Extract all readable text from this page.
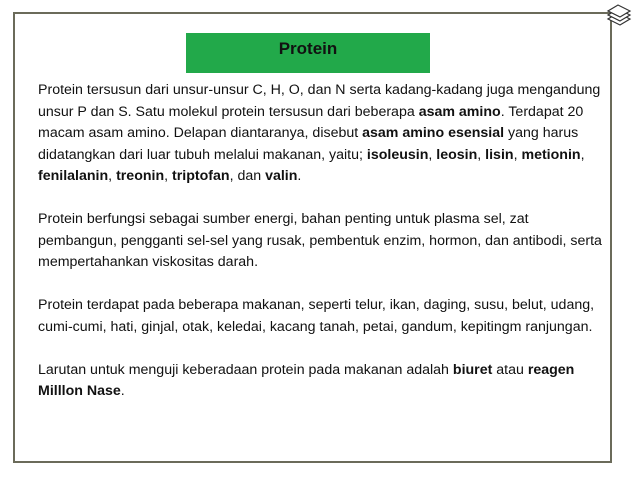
Protein

Protein tersusun dari unsur-unsur C, H, O, dan N serta kadang-kadang juga mengandung unsur P dan S. Satu molekul protein tersusun dari beberapa asam amino. Terdapat 20 macam asam amino. Delapan diantaranya, disebut asam amino esensial yang harus didatangkan dari luar tubuh melalui makanan, yaitu; isoleusin, leosin, lisin, metionin, fenilalanin, treonin, triptofan, dan valin.

Protein berfungsi sebagai sumber energi, bahan penting untuk plasma sel, zat pembangun, pengganti sel-sel yang rusak, pembentuk enzim, hormon, dan antibodi, serta mempertahankan viskositas darah.

Protein terdapat pada beberapa makanan, seperti telur, ikan, daging, susu, belut, udang, cumi-cumi, hati, ginjal, otak, keledai, kacang tanah, petai, gandum, kepitingm ranjungan.

Larutan untuk menguji keberadaan protein pada makanan adalah biuret atau reagen Milllon Nase.
